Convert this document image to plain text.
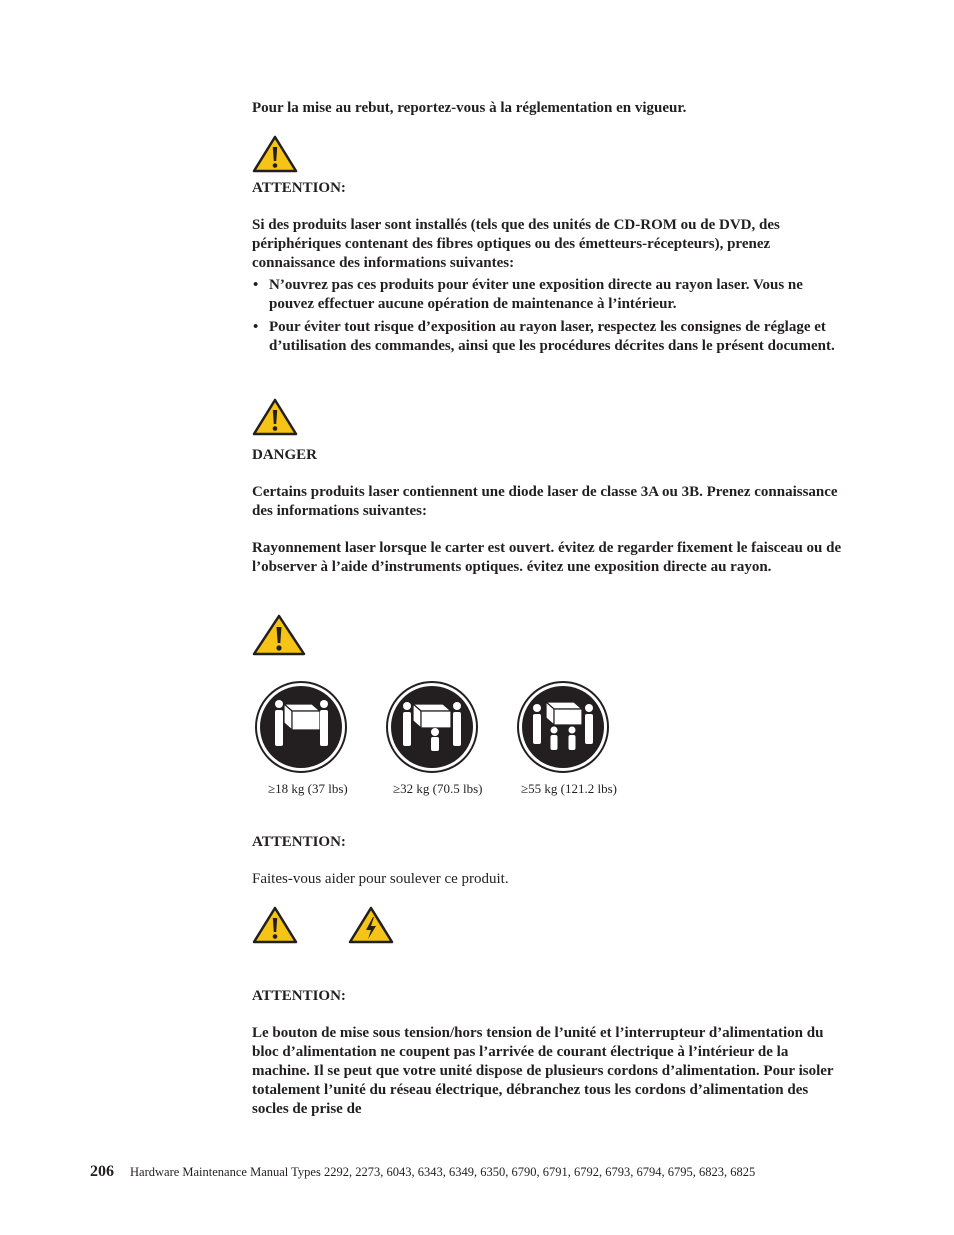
Pour la mise au rebut, reportez-vous à la réglementation en vigueur.

ATTENTION:

Si des produits laser sont installés (tels que des unités de CD-ROM ou de DVD, des périphériques contenant des fibres optiques ou des émetteurs-récepteurs), prenez connaissance des informations suivantes:

• N’ouvrez pas ces produits pour éviter une exposition directe au rayon laser. Vous ne pouvez effectuer aucune opération de maintenance à l’intérieur.
• Pour éviter tout risque d’exposition au rayon laser, respectez les consignes de réglage et d’utilisation des commandes, ainsi que les procédures décrites dans le présent document.
DANGER

Certains produits laser contiennent une diode laser de classe 3A ou 3B. Prenez connaissance des informations suivantes:

Rayonnement laser lorsque le carter est ouvert. évitez de regarder fixement le faisceau ou de l’observer à l’aide d’instruments optiques. évitez une exposition directe au rayon.

≥18 kg (37 lbs)	≥32 kg (70.5 lbs)	≥55 kg (121.2 lbs)
ATTENTION:

Faites-vous aider pour soulever ce produit.

ATTENTION:

Le bouton de mise sous tension/hors tension de l’unité et l’interrupteur d’alimentation du bloc d’alimentation ne coupent pas l’arrivée de courant électrique à l’intérieur de la machine. Il se peut que votre unité dispose de plusieurs cordons d’alimentation. Pour isoler totalement l’unité du réseau électrique, débranchez tous les cordons d’alimentation des socles de prise de

206 Hardware Maintenance Manual Types 2292, 2273, 6043, 6343, 6349, 6350, 6790, 6791, 6792, 6793, 6794, 6795, 6823, 6825
